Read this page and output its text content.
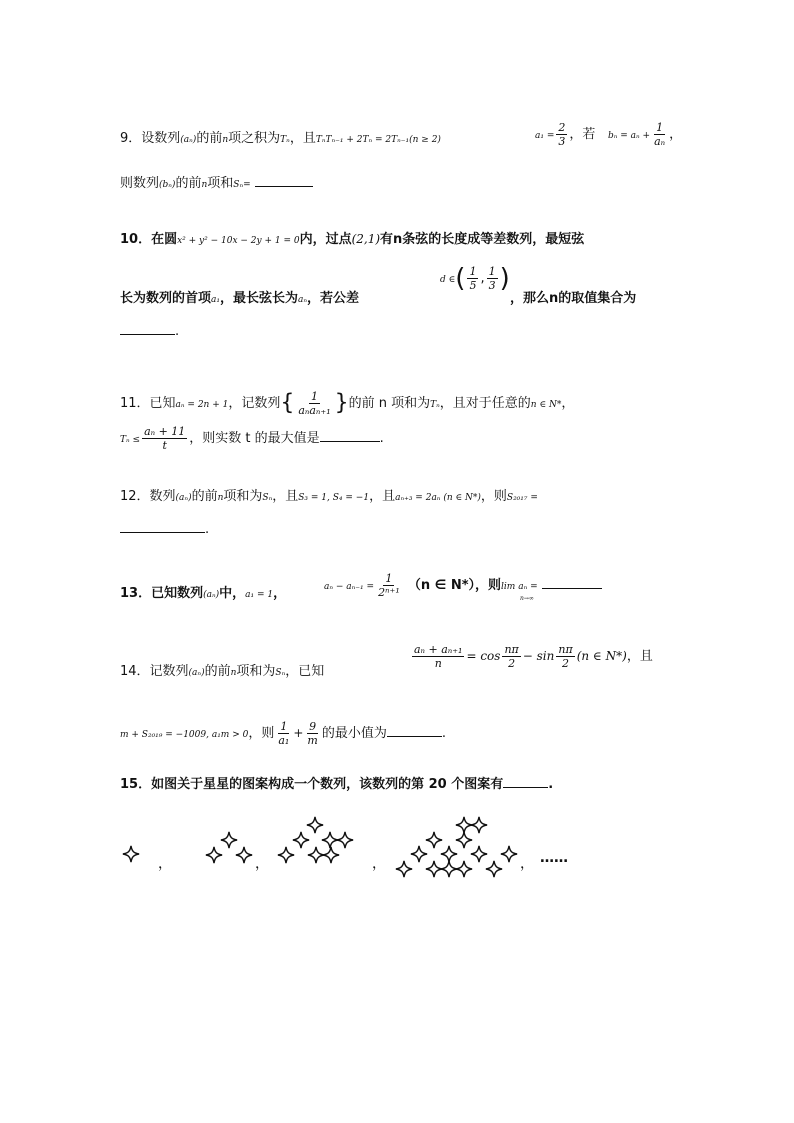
9．设数列(aₙ)的前n项之积为Tₙ，且TₙTₙ₋₁ + 2Tₙ = 2Tₙ₋₁(n ≥ 2)	$a_1 = \frac{2}{3}$ ，若 $b_n = a_n + \frac{1}{\text{aₙ}}$ ，
则数列(bₙ)的前n项和Sₙ=
10．在圆x² + y² − 10x − 2y + 1 = 0内，过点(2,1)有n条弦的长度成等差数列，最短弦
长为数列的首项a₁，最长弦长为aₙ，若公差
d ∈( $\frac{1}{5}$ , $\frac{1}{3}$ )
，那么n的取值集合为
.
11．已知aₙ = 2n + 1，记数列{ $\frac{1}{\text{aₙaₙ₊₁}}$ }的前 n 项和为Tₙ，且对于任意的n ∈ N*，
$T_n \le \frac{\text{aₙ + 11}}{t}$ ，则实数 t 的最大值是	.
12．数列(aₙ)的前n项和为Sₙ，且S₃ = 1, S₄ = −1，且aₙ₊₃ = 2aₙ (n ∈ N*)，则S₂₀₁₇ =
.
13．已知数列(aₙ)中，a₁ = 1，	$a_n - a_{n-1} = \frac{1}{\text{2ⁿ⁺¹}} (n$ ∈ N*），则lim aₙ =
n→∞
14．记数列(aₙ)的前n项和为Sₙ，已知
$\frac{\text{aₙ + aₙ₊₁}}{n} = \cos \frac{n\pi}{2} - \sin \frac{n\pi}{2} (n$ ∈ N*)，且
m + S₂₀₁₉ = −1009, a₁m > 0，则 $\frac{1}{\text{a₁}} + \frac{9}{m}$ 的最小值为	.
15．如图关于星星的图案构成一个数列，该数列的第 20 个图案有	.
，	，	，	， ……
